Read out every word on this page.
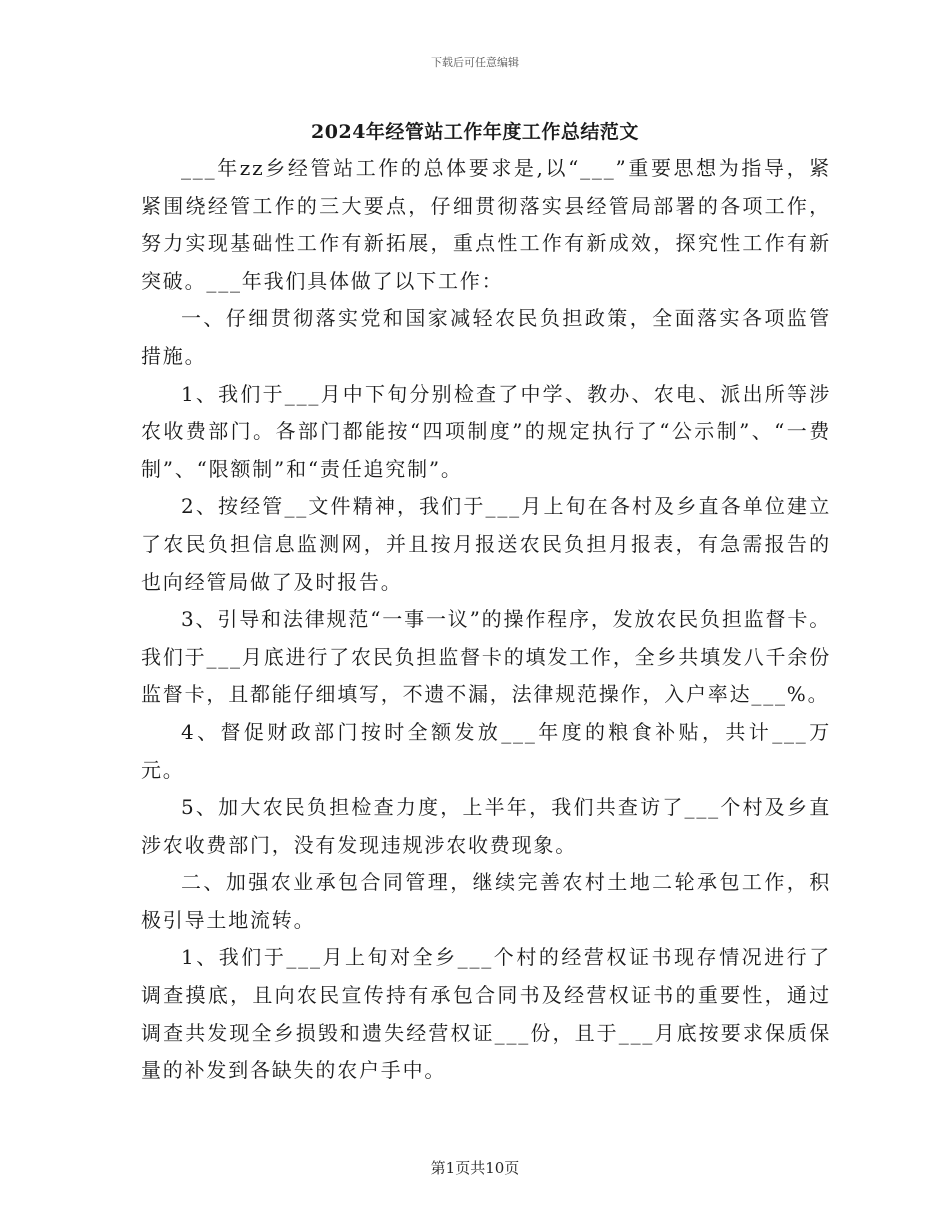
下载后可任意编辑
2024年经管站工作年度工作总结范文

___年zz乡经管站工作的总体要求是,以“___”重要思想为指导，紧紧围绕经管工作的三大要点，仔细贯彻落实县经管局部署的各项工作，努力实现基础性工作有新拓展，重点性工作有新成效，探究性工作有新突破。___年我们具体做了以下工作：

一、仔细贯彻落实党和国家减轻农民负担政策，全面落实各项监管措施。

1、我们于___月中下旬分别检查了中学、教办、农电、派出所等涉农收费部门。各部门都能按“四项制度”的规定执行了“公示制”、“一费制”、“限额制”和“责任追究制”。

2、按经管__文件精神，我们于___月上旬在各村及乡直各单位建立了农民负担信息监测网，并且按月报送农民负担月报表，有急需报告的也向经管局做了及时报告。

3、引导和法律规范“一事一议”的操作程序，发放农民负担监督卡。我们于___月底进行了农民负担监督卡的填发工作，全乡共填发八千余份监督卡，且都能仔细填写，不遗不漏，法律规范操作，入户率达___%。

4、督促财政部门按时全额发放___年度的粮食补贴，共计___万元。

5、加大农民负担检查力度，上半年，我们共查访了___个村及乡直涉农收费部门，没有发现违规涉农收费现象。

二、加强农业承包合同管理，继续完善农村土地二轮承包工作，积极引导土地流转。

1、我们于___月上旬对全乡___个村的经营权证书现存情况进行了调查摸底，且向农民宣传持有承包合同书及经营权证书的重要性，通过调查共发现全乡损毁和遗失经营权证___份，且于___月底按要求保质保量的补发到各缺失的农户手中。

第1页共10页
